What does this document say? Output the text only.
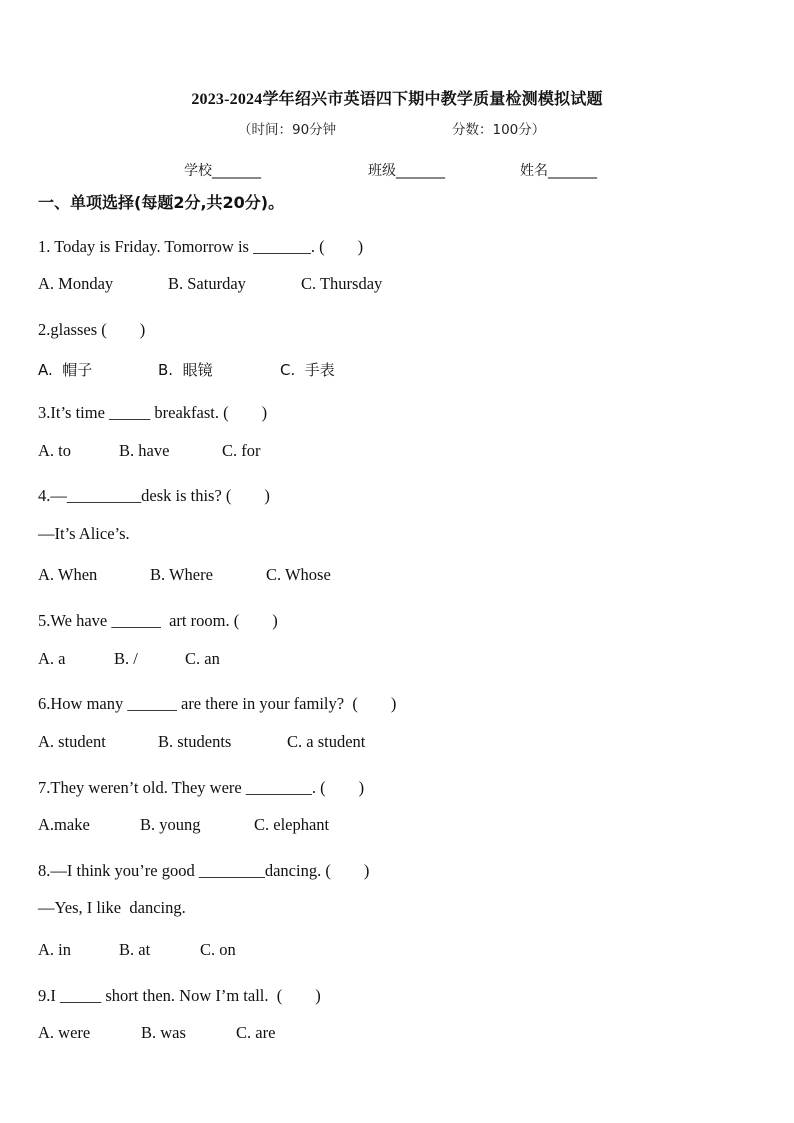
2023-2024学年绍兴市英语四下期中教学质量检测模拟试题
（时间：90分钟	分数：100分）
学校_______	班级_______	姓名_______
一、单项选择(每题2分,共20分)。
1. Today is Friday. Tomorrow is _______. (　　)
A. Monday	B. Saturday	C. Thursday
2.glasses (　　)
A.  帽子	B.  眼镜	C.  手表
3.It’s time _____ breakfast. (　　)
A. to	B. have	C. for
4.—_________desk is this? (　　)
—It’s Alice’s.
A. When	B. Where	C. Whose
5.We have ______  art room. (　　)
A. a	B. /	C. an
6.How many ______ are there in your family?  (　　)
A. student	B. students	C. a student
7.They weren’t old. They were ________. (　　)
A.make	B. young	C. elephant
8.—I think you’re good ________dancing. (　　)
—Yes, I like  dancing.
A. in	B. at	C. on
9.I _____ short then. Now I’m tall.  (　　)
A. were	B. was	C. are
